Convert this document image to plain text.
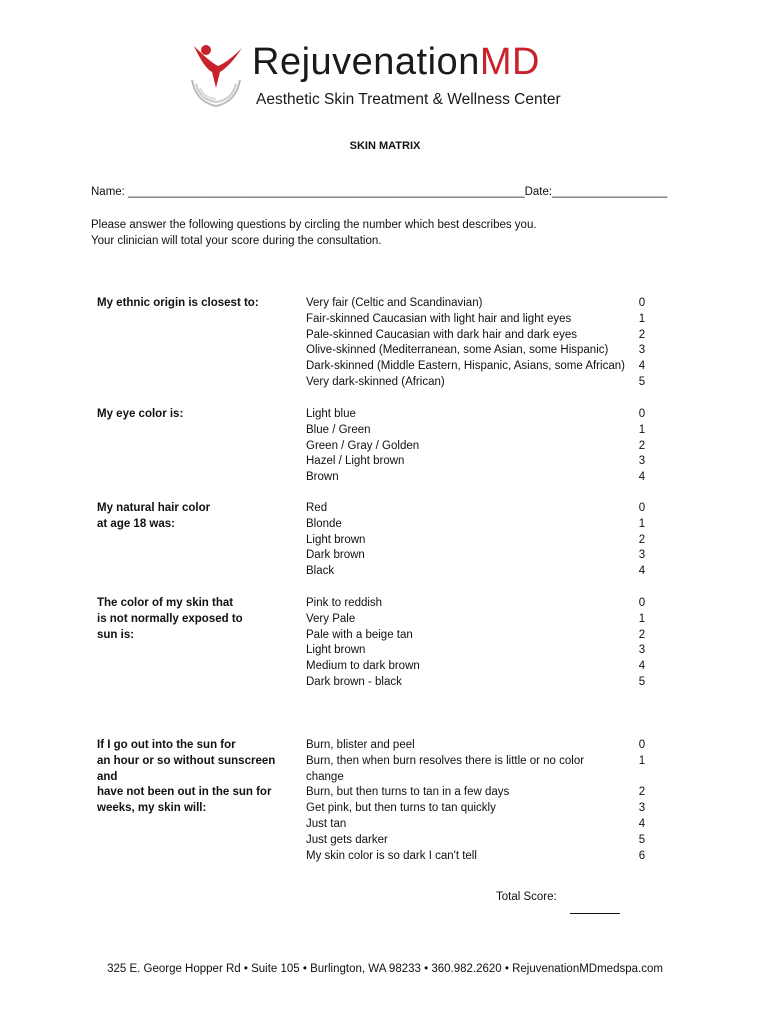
RejuvenationMD
Aesthetic Skin Treatment & Wellness Center
SKIN MATRIX
Name: ______________________________________________________________Date:__________________
Please answer the following questions by circling the number which best describes you.
Your clinician will total your score during the consultation.
My ethnic origin is closest to:	Very fair (Celtic and Scandinavian)
Fair-skinned Caucasian with light hair and light eyes
Pale-skinned Caucasian with dark hair and dark eyes
Olive-skinned (Mediterranean, some Asian, some Hispanic)
Dark-skinned (Middle Eastern, Hispanic, Asians, some African)
Very dark-skinned (African)
0
1
2
3
4
5
My eye color is:	Light blue
Blue / Green
Green / Gray / Golden
Hazel / Light brown
Brown
0
1
2
3
4
My natural hair color
at age 18 was:
Red
Blonde
Light brown
Dark brown
Black
0
1
2
3
4
The color of my skin that
is not normally exposed to
sun is:
Pink to reddish
Very Pale
Pale with a beige tan
Light brown
Medium to dark brown
Dark brown - black
0
1
2
3
4
5
If I go out into the sun for
an hour or so without sunscreen and
have not been out in the sun for
weeks, my skin will:
Burn, blister and peel
Burn, then when burn resolves there is little or no color
change
Burn, but then turns to tan in a few days
Get pink, but then turns to tan quickly
Just tan
Just gets darker
My skin color is so dark I can't tell
0
1
2
3
4
5
6
Total Score:
325 E. George Hopper Rd • Suite 105 • Burlington, WA 98233 • 360.982.2620 • RejuvenationMDmedspa.com
